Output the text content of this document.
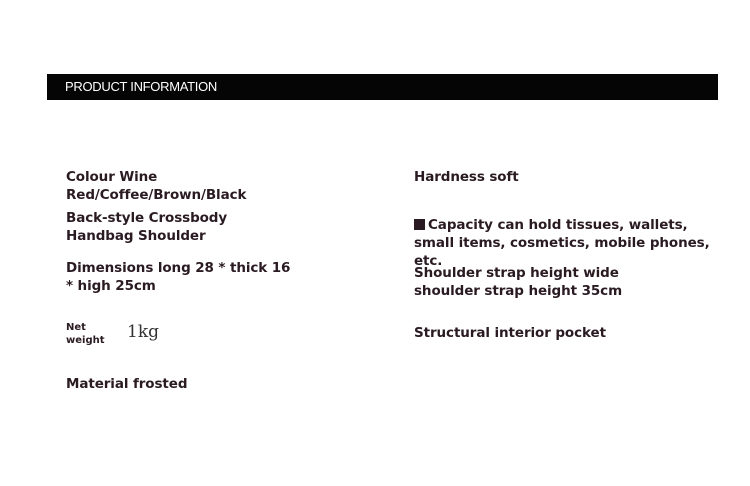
PRODUCT INFORMATION
Colour Wine Red/Coffee/Brown/Black
Back-style Crossbody Handbag Shoulder
Dimensions long 28 * thick 16 * high 25cm
Net weight	1kg
Material frosted
Hardness soft
Capacity can hold tissues, wallets, small items, cosmetics, mobile phones, etc.
Shoulder strap height wide shoulder strap height 35cm
Structural interior pocket
